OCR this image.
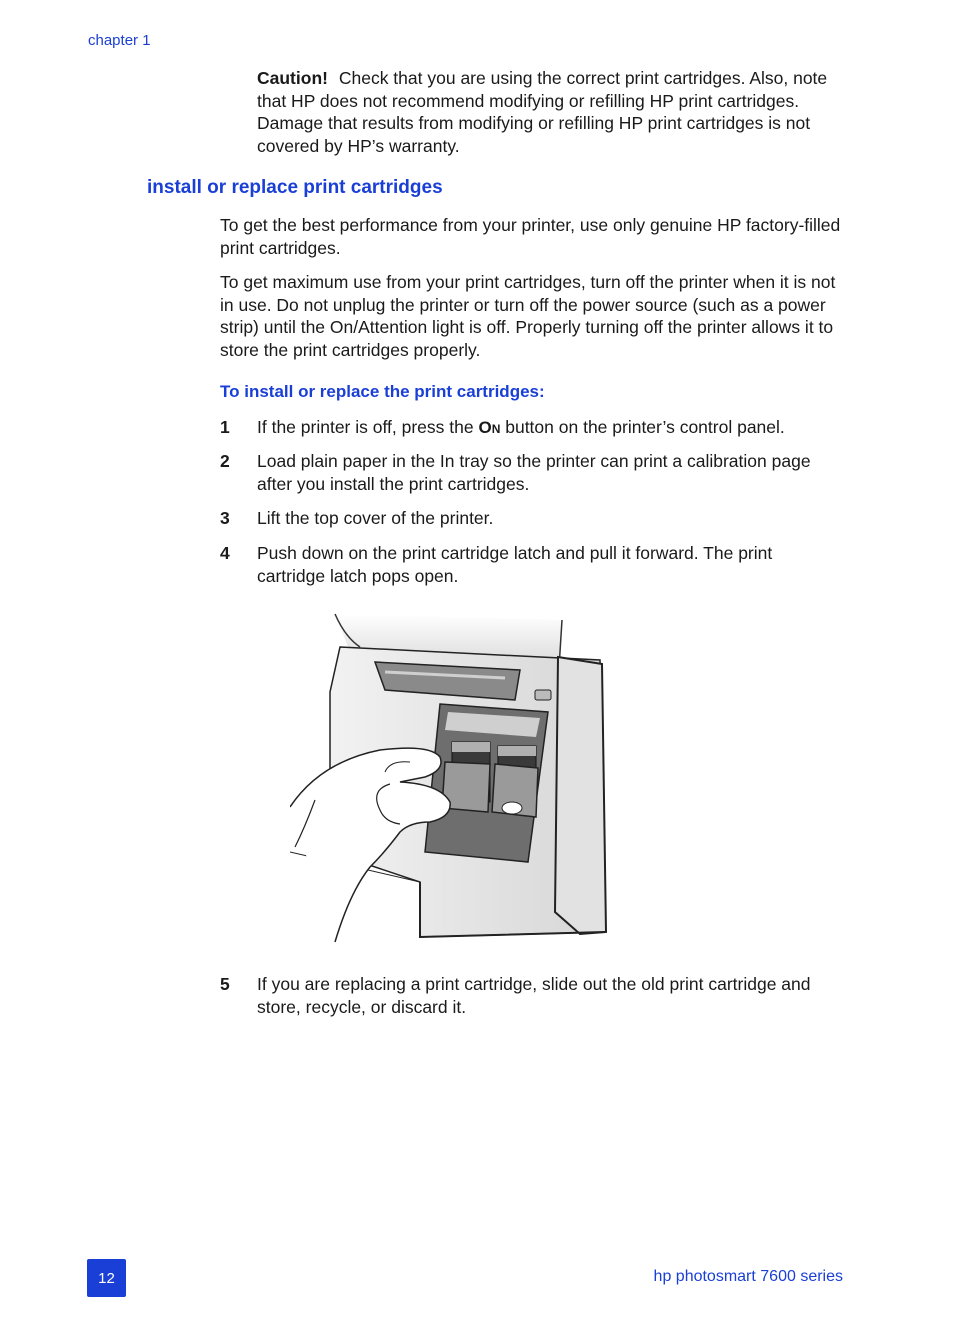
chapter 1
Caution! Check that you are using the correct print cartridges. Also, note that HP does not recommend modifying or refilling HP print cartridges. Damage that results from modifying or refilling HP print cartridges is not covered by HP’s warranty.
install or replace print cartridges
To get the best performance from your printer, use only genuine HP factory-filled print cartridges.
To get maximum use from your print cartridges, turn off the printer when it is not in use. Do not unplug the printer or turn off the power source (such as a power strip) until the On/Attention light is off. Properly turning off the printer allows it to store the print cartridges properly.
To install or replace the print cartridges:
1	If the printer is off, press the On button on the printer’s control panel.
2	Load plain paper in the In tray so the printer can print a calibration page after you install the print cartridges.
3	Lift the top cover of the printer.
4	Push down on the print cartridge latch and pull it forward. The print cartridge latch pops open.
5	If you are replacing a print cartridge, slide out the old print cartridge and store, recycle, or discard it.
12	hp photosmart 7600 series
